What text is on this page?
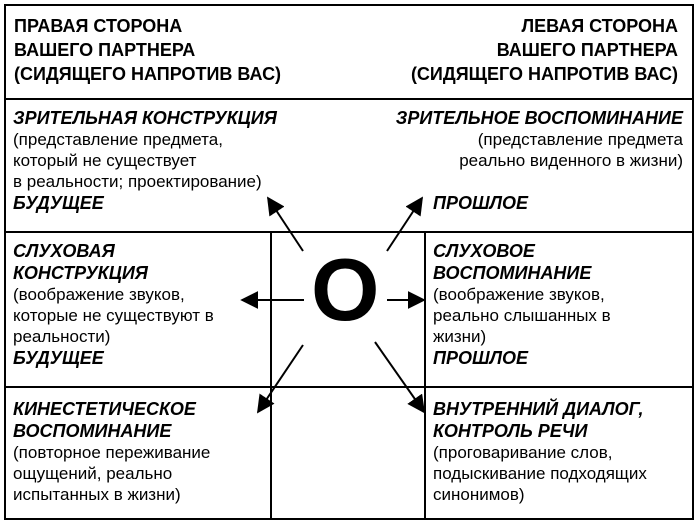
ПРАВАЯ СТОРОНА
ВАШЕГО ПАРТНЕРА
(СИДЯЩЕГО НАПРОТИВ ВАС)
ЛЕВАЯ СТОРОНА
ВАШЕГО ПАРТНЕРА
(СИДЯЩЕГО НАПРОТИВ ВАС)
ЗРИТЕЛЬНАЯ КОНСТРУКЦИЯ
(представление предмета,
который не существует
в реальности; проектирование)
БУДУЩЕЕ
ЗРИТЕЛЬНОЕ ВОСПОМИНАНИЕ
(представление предмета
реально виденного в жизни)
ПРОШЛОЕ
СЛУХОВАЯ
КОНСТРУКЦИЯ
(воображение звуков,
которые не существуют в
реальности)
БУДУЩЕЕ
СЛУХОВОЕ
ВОСПОМИНАНИЕ
(воображение звуков,
реально слышанных в
жизни)
ПРОШЛОЕ
КИНЕСТЕТИЧЕСКОЕ
ВОСПОМИНАНИЕ
(повторное переживание
ощущений, реально
испытанных в жизни)
ВНУТРЕННИЙ ДИАЛОГ,
КОНТРОЛЬ РЕЧИ
(проговаривание слов,
подыскивание подходящих
синонимов)
O
